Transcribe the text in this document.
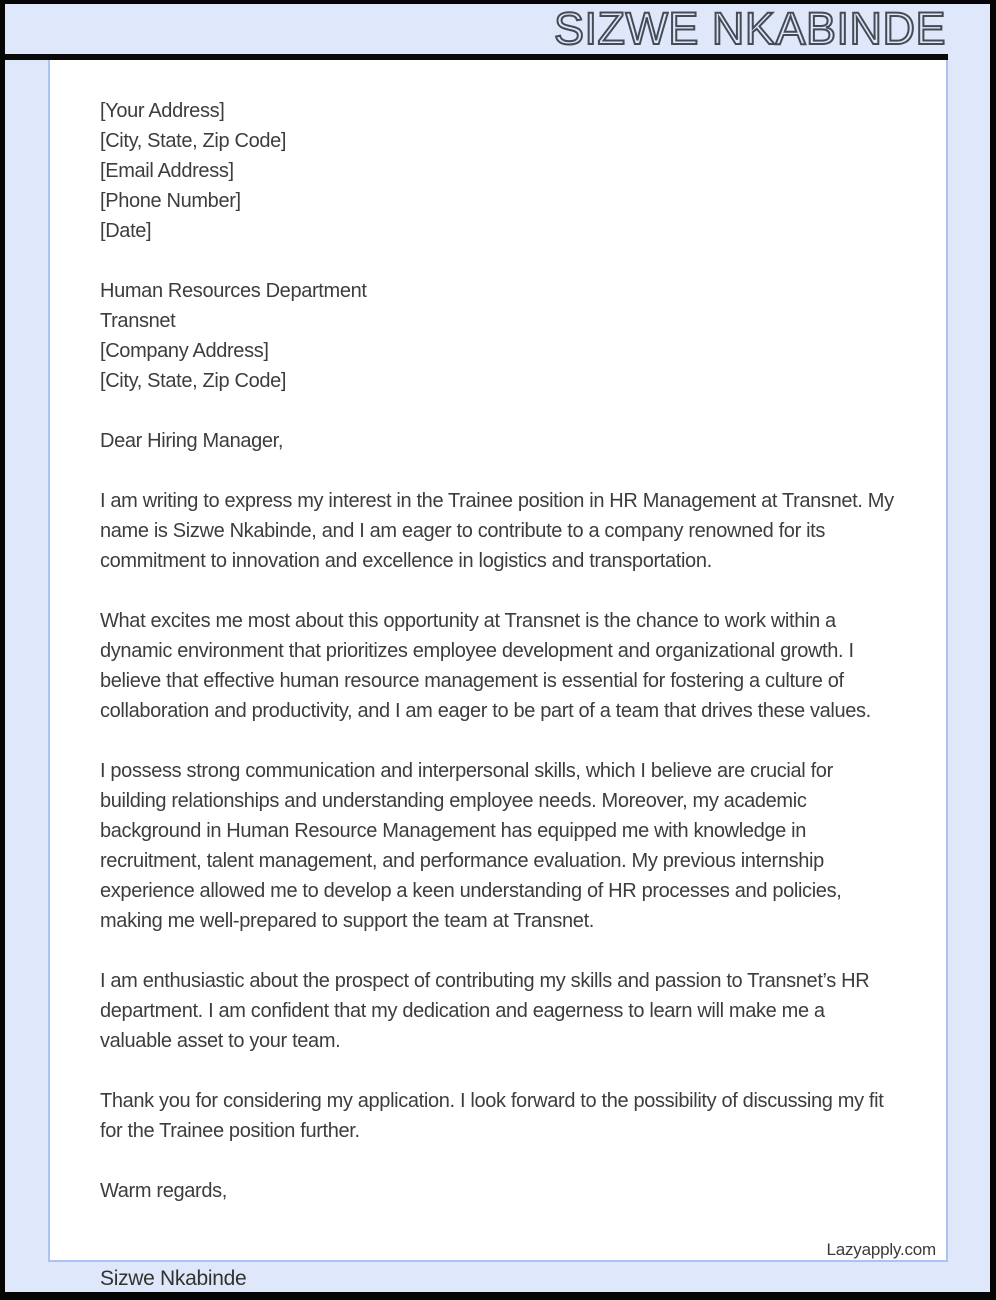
SIZWE NKABINDE

[Your Address]

[City, State, Zip Code]

[Email Address]

[Phone Number]

[Date]

Human Resources Department

Transnet

[Company Address]

[City, State, Zip Code]

Dear Hiring Manager,

I am writing to express my interest in the Trainee position in HR Management at Transnet. My name is Sizwe Nkabinde, and I am eager to contribute to a company renowned for its commitment to innovation and excellence in logistics and transportation.

What excites me most about this opportunity at Transnet is the chance to work within a dynamic environment that prioritizes employee development and organizational growth. I believe that effective human resource management is essential for fostering a culture of collaboration and productivity, and I am eager to be part of a team that drives these values.

I possess strong communication and interpersonal skills, which I believe are crucial for building relationships and understanding employee needs. Moreover, my academic background in Human Resource Management has equipped me with knowledge in recruitment, talent management, and performance evaluation. My previous internship experience allowed me to develop a keen understanding of HR processes and policies, making me well-prepared to support the team at Transnet.

I am enthusiastic about the prospect of contributing my skills and passion to Transnet’s HR department. I am confident that my dedication and eagerness to learn will make me a valuable asset to your team.

Thank you for considering my application. I look forward to the possibility of discussing my fit for the Trainee position further.

Warm regards,

Lazyapply.com
Sizwe Nkabinde
